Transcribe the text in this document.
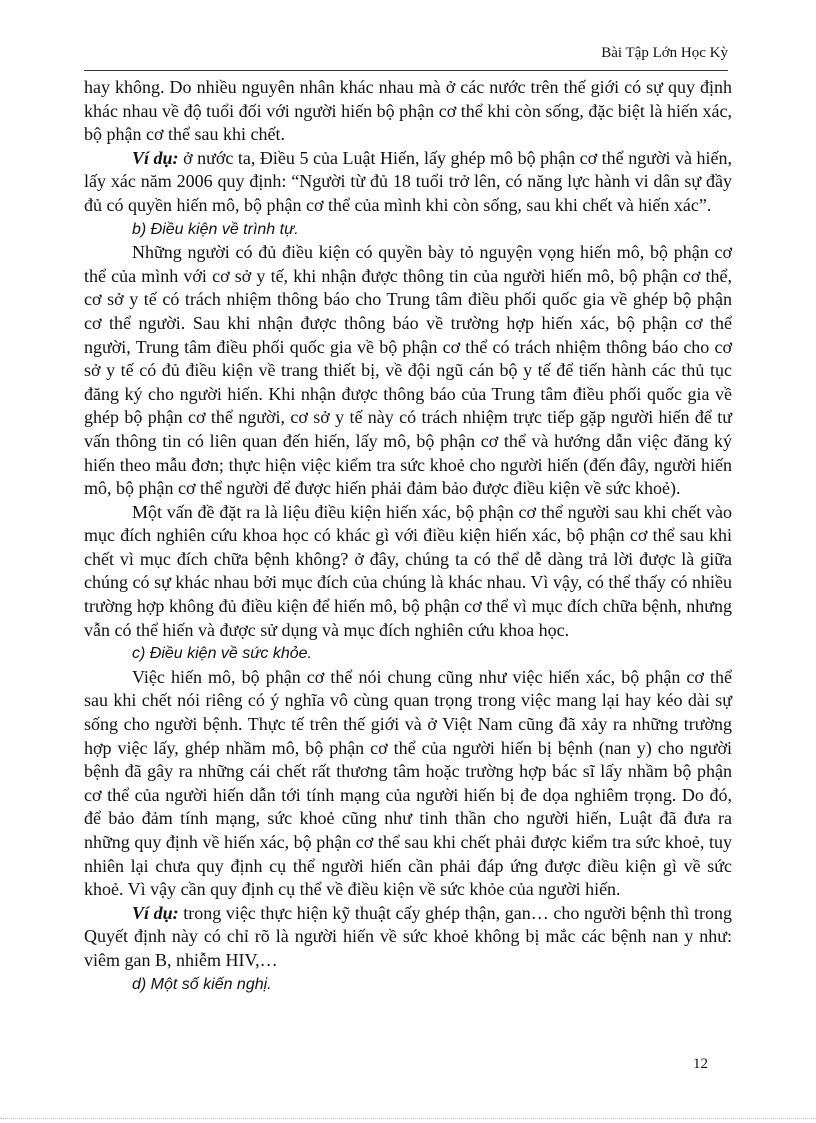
Bài Tập Lớn Học Kỳ

hay không. Do nhiều nguyên nhân khác nhau mà ở các nước trên thế giới có sự quy định khác nhau về độ tuổi đối với người hiến bộ phận cơ thể khi còn sống, đặc biệt là hiến xác, bộ phận cơ thể sau khi chết.

Ví dụ: ở nước ta, Điều 5 của Luật Hiến, lấy ghép mô bộ phận cơ thể người và hiến, lấy xác năm 2006 quy định: “Người từ đủ 18 tuổi trở lên, có năng lực hành vi dân sự đầy đủ có quyền hiến mô, bộ phận cơ thể của mình khi còn sống, sau khi chết và hiến xác”.

b) Điều kiện về trình tự.

Những người có đủ điều kiện có quyền bày tỏ nguyện vọng hiến mô, bộ phận cơ thể của mình với cơ sở y tế, khi nhận được thông tin của người hiến mô, bộ phận cơ thể, cơ sở y tế có trách nhiệm thông báo cho Trung tâm điều phối quốc gia về ghép bộ phận cơ thể người. Sau khi nhận được thông báo về trường hợp hiến xác, bộ phận cơ thể người, Trung tâm điều phối quốc gia về bộ phận cơ thể có trách nhiệm thông báo cho cơ sở y tế có đủ điều kiện về trang thiết bị, về đội ngũ cán bộ y tế để tiến hành các thủ tục đăng ký cho người hiến. Khi nhận được thông báo của Trung tâm điều phối quốc gia về ghép bộ phận cơ thể người, cơ sở y tế này có trách nhiệm trực tiếp gặp người hiến để tư vấn thông tin có liên quan đến hiến, lấy mô, bộ phận cơ thể và hướng dẫn việc đăng ký hiến theo mẫu đơn; thực hiện việc kiểm tra sức khoẻ cho người hiến (đến đây, người hiến mô, bộ phận cơ thể người để được hiến phải đảm bảo được điều kiện về sức khoẻ).

Một vấn đề đặt ra là liệu điều kiện hiến xác, bộ phận cơ thể người sau khi chết vào mục đích nghiên cứu khoa học có khác gì với điều kiện hiến xác, bộ phận cơ thể sau khi chết vì mục đích chữa bệnh không? ở đây, chúng ta có thể dễ dàng trả lời được là giữa chúng có sự khác nhau bởi mục đích của chúng là khác nhau. Vì vậy, có thể thấy có nhiều trường hợp không đủ điều kiện để hiến mô, bộ phận cơ thể vì mục đích chữa bệnh, nhưng vẫn có thể hiến và được sử dụng và mục đích nghiên cứu khoa học.

c) Điều kiện về sức khỏe.

Việc hiến mô, bộ phận cơ thể nói chung cũng như việc hiến xác, bộ phận cơ thể sau khi chết nói riêng có ý nghĩa vô cùng quan trọng trong việc mang lại hay kéo dài sự sống cho người bệnh. Thực tế trên thế giới và ở Việt Nam cũng đã xảy ra những trường hợp việc lấy, ghép nhầm mô, bộ phận cơ thể của người hiến bị bệnh (nan y) cho người bệnh đã gây ra những cái chết rất thương tâm hoặc trường hợp bác sĩ lấy nhầm bộ phận cơ thể của người hiến dẫn tới tính mạng của người hiến bị đe dọa nghiêm trọng. Do đó, để bảo đảm tính mạng, sức khoẻ cũng như tinh thần cho người hiến, Luật đã đưa ra những quy định về hiến xác, bộ phận cơ thể sau khi chết phải được kiểm tra sức khoẻ, tuy nhiên lại chưa quy định cụ thể người hiến cần phải đáp ứng được điều kiện gì về sức khoẻ. Vì vậy cần quy định cụ thể về điều kiện về sức khỏe của người hiến.

Ví dụ: trong việc thực hiện kỹ thuật cấy ghép thận, gan… cho người bệnh thì trong Quyết định này có chỉ rõ là người hiến về sức khoẻ không bị mắc các bệnh nan y như: viêm gan B, nhiễm HIV,…

d) Một số kiến nghị.

12
